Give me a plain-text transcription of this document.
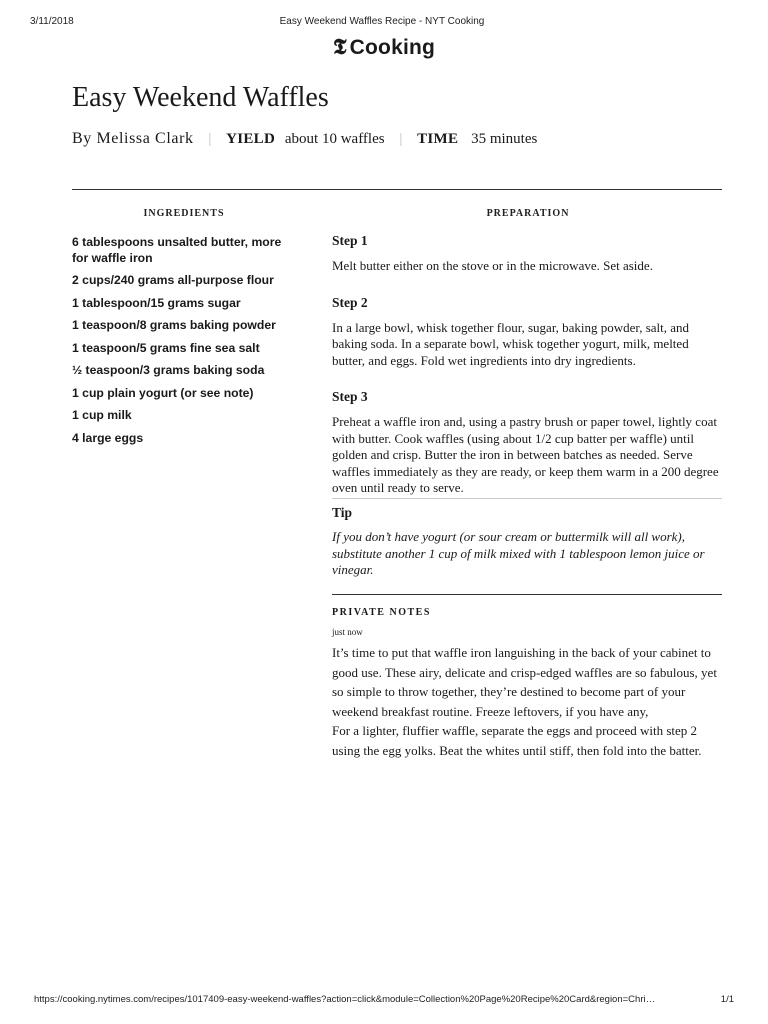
3/11/2018	Easy Weekend Waffles Recipe - NYT Cooking
𝕿 Cooking
Easy Weekend Waffles
By Melissa Clark | YIELD about 10 waffles | TIME 35 minutes
INGREDIENTS
6 tablespoons unsalted butter, more for waffle iron
2 cups/240 grams all-purpose flour
1 tablespoon/15 grams sugar
1 teaspoon/8 grams baking powder
1 teaspoon/5 grams fine sea salt
½ teaspoon/3 grams baking soda
1 cup plain yogurt (or see note)
1 cup milk
4 large eggs
PREPARATION
Step 1

Melt butter either on the stove or in the microwave. Set aside.

Step 2

In a large bowl, whisk together flour, sugar, baking powder, salt, and baking soda. In a separate bowl, whisk together yogurt, milk, melted butter, and eggs. Fold wet ingredients into dry ingredients.

Step 3

Preheat a waffle iron and, using a pastry brush or paper towel, lightly coat with butter. Cook waffles (using about 1/2 cup batter per waffle) until golden and crisp. Butter the iron in between batches as needed. Serve waffles immediately as they are ready, or keep them warm in a 200 degree oven until ready to serve.

Tip

If you don’t have yogurt (or sour cream or buttermilk will all work), substitute another 1 cup of milk mixed with 1 tablespoon lemon juice or vinegar.

PRIVATE NOTES
just now

It’s time to put that waffle iron languishing in the back of your cabinet to good use. These airy, delicate and crisp-edged waffles are so fabulous, yet so simple to throw together, they’re destined to become part of your weekend breakfast routine. Freeze leftovers, if you have any,

For a lighter, fluffier waffle, separate the eggs and proceed with step 2 using the egg yolks. Beat the whites until stiff, then fold into the batter.

https://cooking.nytimes.com/recipes/1017409-easy-weekend-waffles?action=click&module=Collection%20Page%20Recipe%20Card&region=Chri…	1/1
